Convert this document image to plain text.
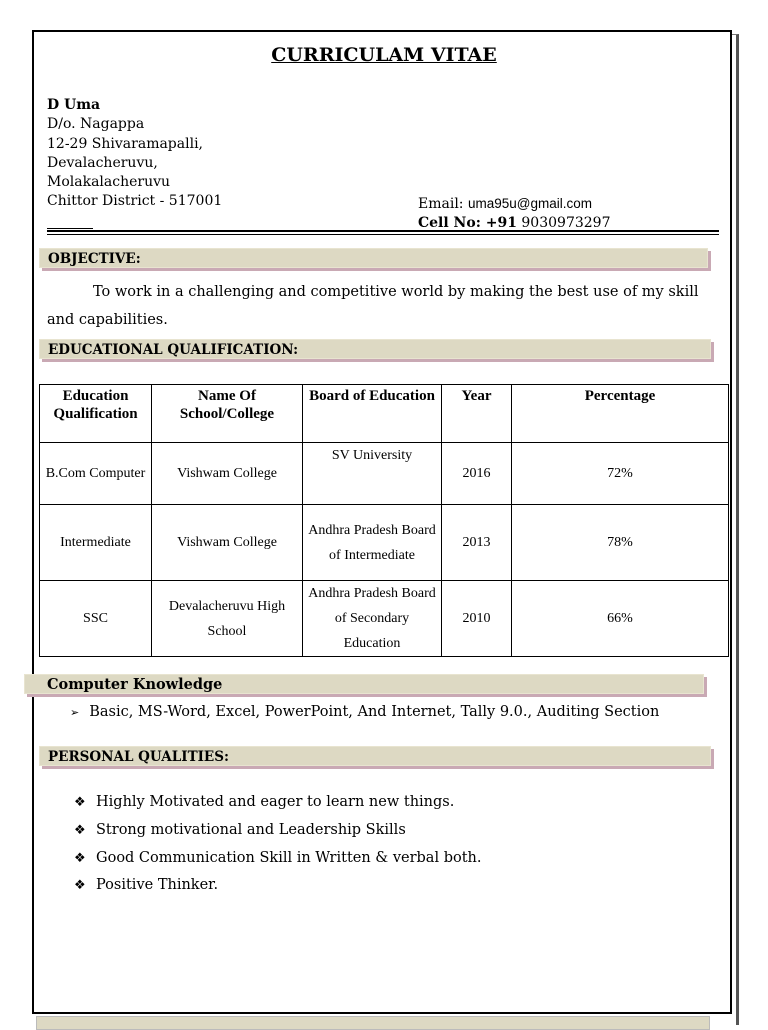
CURRICULAM VITAE
D Uma
D/o. Nagappa
12-29 Shivaramapalli,
Devalacheruvu,
Molakalacheruvu
Chittor District - 517001	Email: uma95u@gmail.com
Cell No: +91 9030973297
OBJECTIVE:
To work in a challenging and competitive world by making the best use of my skill and capabilities.
EDUCATIONAL QUALIFICATION:
Education Qualification	Name Of School/College	Board of Education	Year	Percentage
B.Com Computer	Vishwam College	SV University	2016	72%
Intermediate	Vishwam College	Andhra Pradesh Board of Intermediate	2013	78%
SSC	Devalacheruvu High School	Andhra Pradesh Board of Secondary Education	2010	66%
Computer Knowledge
➢ Basic, MS-Word, Excel, PowerPoint, And Internet, Tally 9.0., Auditing Section
PERSONAL QUALITIES:
❖ Highly Motivated and eager to learn new things.
❖ Strong motivational and Leadership Skills
❖ Good Communication Skill in Written & verbal both.
❖ Positive Thinker.
